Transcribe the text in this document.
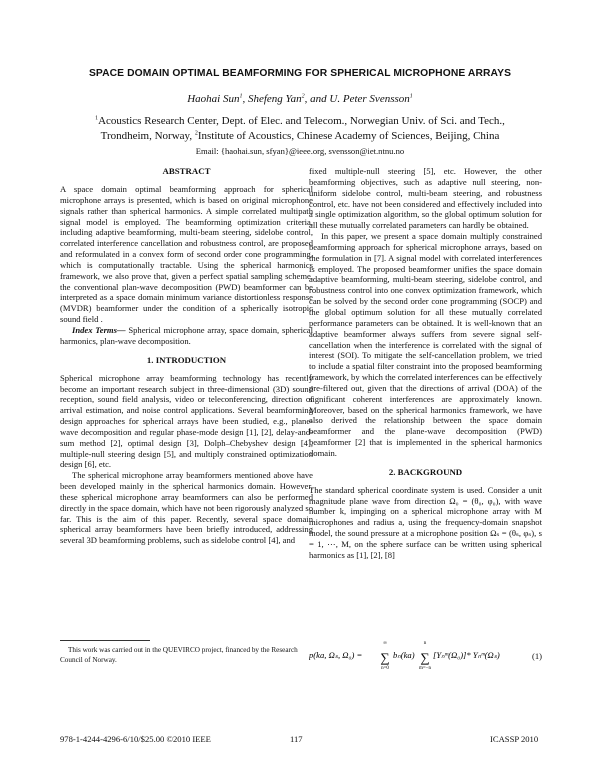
SPACE DOMAIN OPTIMAL BEAMFORMING FOR SPHERICAL MICROPHONE ARRAYS
Haohai Sun$^1$, Shefeng Yan$^2$, and U. Peter Svensson$^1$
$^1$Acoustics Research Center, Dept. of Elec. and Telecom., Norwegian Univ. of Sci. and Tech.,
Trondheim, Norway, $^2$Institute of Acoustics, Chinese Academy of Sciences, Beijing, China
Email: {haohai.sun, sfyan}@ieee.org, svensson@iet.ntnu.no
ABSTRACT

A space domain optimal beamforming approach for spherical microphone arrays is presented, which is based on original microphone signals rather than spherical harmonics. A simple correlated multipath signal model is employed. The beamforming optimization criteria, including adaptive beamforming, multi-beam steering, sidelobe control, correlated interference cancellation and robustness control, are proposed and reformulated in a convex form of second order cone programming, which is computationally tractable. Using the spherical harmonics framework, we also prove that, given a perfect spatial sampling scheme, the conventional plan-wave decomposition (PWD) beamformer can be interpreted as a space domain minimum variance distortionless response (MVDR) beamformer under the condition of a spherically isotropic sound field .

Index Terms— Spherical microphone array, space domain, spherical harmonics, plan-wave decomposition.

1. INTRODUCTION

Spherical microphone array beamforming technology has recently become an important research subject in three-dimensional (3D) sound reception, sound field analysis, video or teleconferencing, direction of arrival estimation, and noise control applications. Several beamforming design approaches for spherical arrays have been studied, e.g., plane-wave decomposition and regular phase-mode design [1], [2], delay-and-sum method [2], optimal design [3], Dolph–Chebyshev design [4], multiple-null steering design [5], and multiply constrained optimization design [6], etc.

The spherical microphone array beamformers mentioned above have been developed mainly in the spherical harmonics domain. However, these spherical microphone array beamformers can also be performed directly in the space domain, which have not been rigorously analyzed so far. This is the aim of this paper. Recently, several space domain spherical array beamformers have been briefly introduced, addressing several 3D beamforming problems, such as sidelobe control [4], and

fixed multiple-null steering [5], etc. However, the other beamforming objectives, such as adaptive null steering, non-uniform sidelobe control, multi-beam steering, and robustness control, etc. have not been considered and effectively included into a single optimization algorithm, so the global optimum solution for all these mutually correlated parameters can hardly be obtained.

In this paper, we present a space domain multiply constrained beamforming approach for spherical microphone arrays, based on the formulation in [7]. A signal model with correlated interferences is employed. The proposed beamformer unifies the space domain adaptive beamforming, multi-beam steering, sidelobe control, and robustness control into one convex optimization framework, which can be solved by the second order cone programming (SOCP) and the global optimum solution for all these mutually correlated performance parameters can be obtained. It is well-known that an adaptive beamformer always suffers from severe signal self-cancellation when the interference is correlated with the signal of interest (SOI). To mitigate the self-cancellation problem, we tried to include a spatial filter constraint into the proposed beamforming framework, by which the correlated interferences can be effectively pre-filtered out, given that the directions of arrival (DOA) of the significant coherent interferences are approximately known. Moreover, based on the spherical harmonics framework, we have also derived the relationship between the space domain beamformer and the plane-wave decomposition (PWD) beamformer [2] that is implemented in the spherical harmonics domain.

2. BACKGROUND

The standard spherical coordinate system is used. Consider a unit magnitude plane wave from direction Ω₀ = (θ₀, φ₀), with wave number k, impinging on a spherical microphone array with M microphones and radius a, using the frequency-domain snapshot model, the sound pressure at a microphone position Ωₛ = (θₛ, φₛ), s = 1, ⋯, M, on the sphere surface can be written using spherical harmonics as [1], [2], [8]

p(ka, Ωₛ, Ω₀) =
∞
∑
n=0
bₙ(ka)
n
∑
m=−n
[Yₙᵐ(Ω₀)]* Yₙᵐ(Ωₛ)	(1)
This work was carried out in the QUEVIRCO project, financed by the Research Council of Norway.
978-1-4244-4296-6/10/$25.00 ©2010 IEEE	117	ICASSP 2010
